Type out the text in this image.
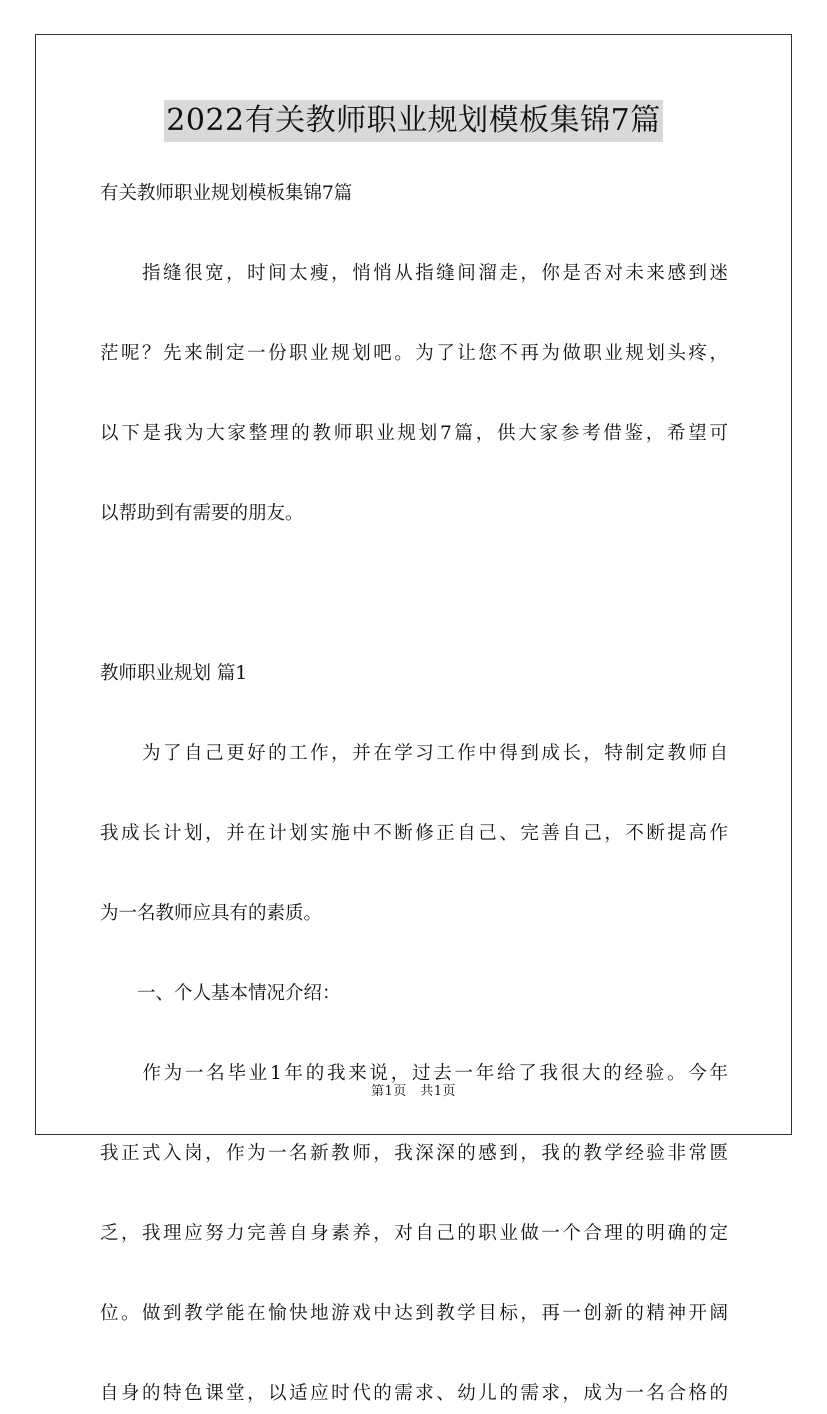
2022有关教师职业规划模板集锦7篇
有关教师职业规划模板集锦7篇
　　指缝很宽，时间太瘦，悄悄从指缝间溜走，你是否对未来感到迷
茫呢？先来制定一份职业规划吧。为了让您不再为做职业规划头疼，
以下是我为大家整理的教师职业规划7篇，供大家参考借鉴，希望可
以帮助到有需要的朋友。
教师职业规划 篇1
　　为了自己更好的工作，并在学习工作中得到成长，特制定教师自
我成长计划，并在计划实施中不断修正自己、完善自己，不断提高作
为一名教师应具有的素质。
　　一、个人基本情况介绍：
　　作为一名毕业1年的我来说，过去一年给了我很大的经验。今年
我正式入岗，作为一名新教师，我深深的感到，我的教学经验非常匮
乏，我理应努力完善自身素养，对自己的职业做一个合理的明确的定
位。做到教学能在愉快地游戏中达到教学目标，再一创新的精神开阔
自身的特色课堂，以适应时代的需求、幼儿的需求，成为一名合格的
第1页　共1页
